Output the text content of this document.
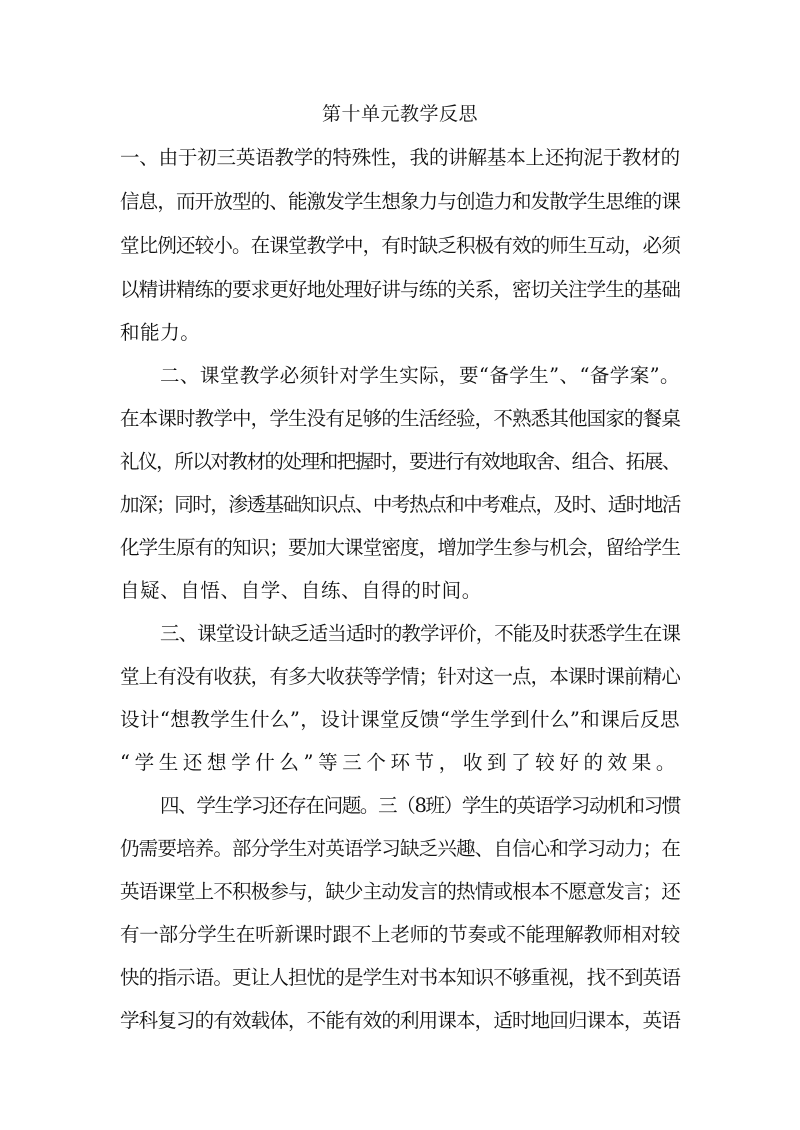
第十单元教学反思
一、由于初三英语教学的特殊性，我的讲解基本上还拘泥于教材的
信息，而开放型的、能激发学生想象力与创造力和发散学生思维的课
堂比例还较小。在课堂教学中，有时缺乏积极有效的师生互动，必须
以精讲精练的要求更好地处理好讲与练的关系，密切关注学生的基础
和能力。
二、课堂教学必须针对学生实际，要“备学生”、“备学案”。
在本课时教学中，学生没有足够的生活经验，不熟悉其他国家的餐桌
礼仪，所以对教材的处理和把握时，要进行有效地取舍、组合、拓展、
加深；同时，渗透基础知识点、中考热点和中考难点，及时、适时地活
化学生原有的知识；要加大课堂密度，增加学生参与机会，留给学生
自疑、自悟、自学、自练、自得的时间。
三、课堂设计缺乏适当适时的教学评价，不能及时获悉学生在课
堂上有没有收获，有多大收获等学情；针对这一点，本课时课前精心
设计“想教学生什么”，设计课堂反馈“学生学到什么”和课后反思
“学生还想学什么”等三个环节，收到了较好的效果。
四、学生学习还存在问题。三（8班）学生的英语学习动机和习惯
仍需要培养。部分学生对英语学习缺乏兴趣、自信心和学习动力；在
英语课堂上不积极参与，缺少主动发言的热情或根本不愿意发言；还
有一部分学生在听新课时跟不上老师的节奏或不能理解教师相对较
快的指示语。更让人担忧的是学生对书本知识不够重视，找不到英语
学科复习的有效载体，不能有效的利用课本，适时地回归课本，英语
